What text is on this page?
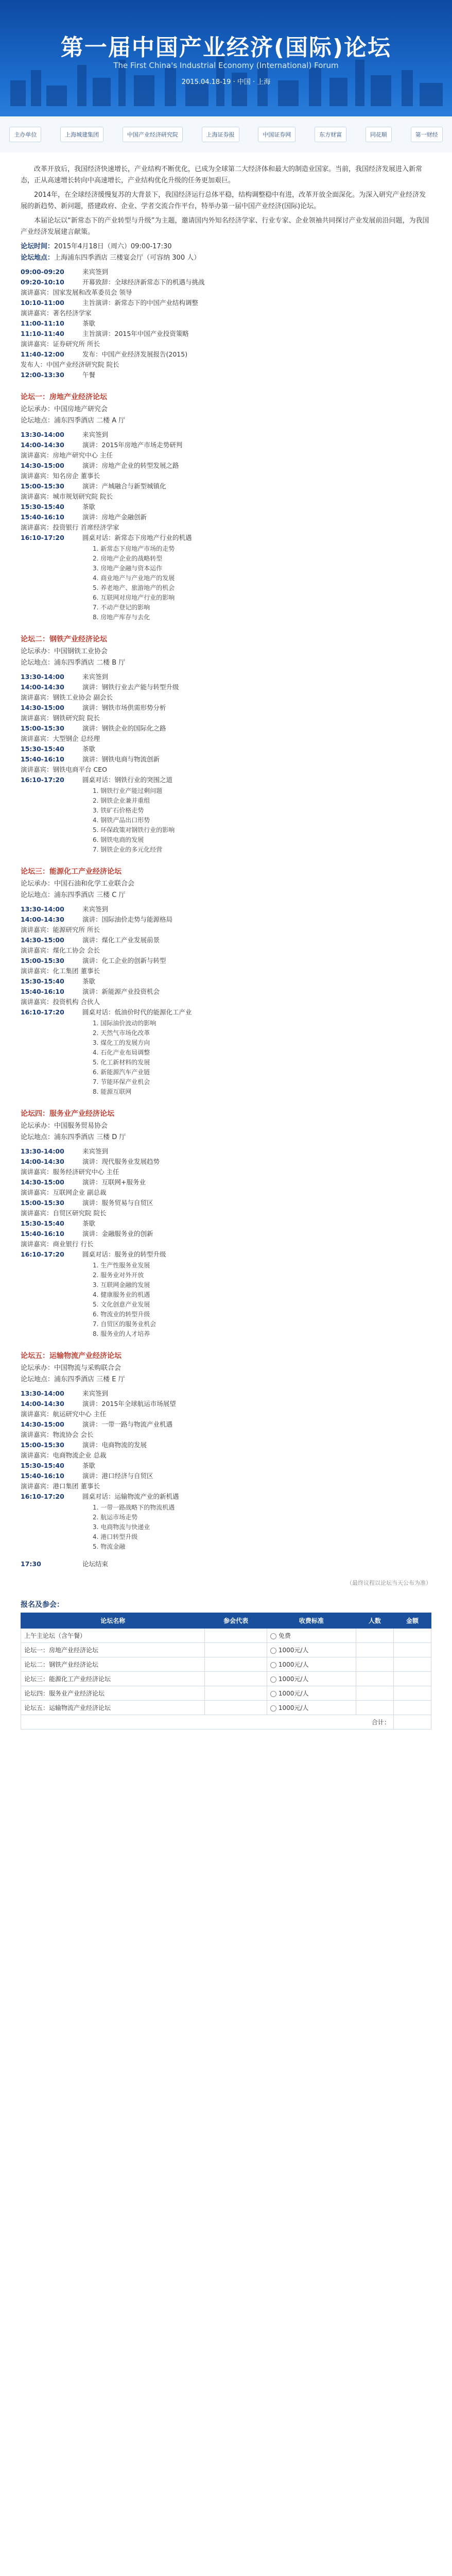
第一届中国产业经济(国际)论坛
The First China's Industrial Economy (International) Forum
2015.04.18-19 · 中国 · 上海
主办单位	上海城建集团	中国产业经济研究院	上海证券报	中国证券网	东方财富	同花顺	第一财经

改革开放后，我国经济快速增长，产业结构不断优化，已成为全球第二大经济体和最大的制造业国家。当前，我国经济发展进入新常态，正从高速增长转向中高速增长，产业结构优化升级的任务更加艰巨。

2014年，在全球经济缓慢复苏的大背景下，我国经济运行总体平稳，结构调整稳中有进，改革开放全面深化。为深入研究产业经济发展的新趋势、新问题，搭建政府、企业、学者交流合作平台，特举办第一届中国产业经济(国际)论坛。

本届论坛以“新常态下的产业转型与升级”为主题，邀请国内外知名经济学家、行业专家、企业领袖共同探讨产业发展前沿问题，为我国产业经济发展建言献策。

论坛时间：2015年4月18日（周六）09:00-17:30
论坛地点：上海浦东四季酒店 三楼宴会厅（可容纳 300 人）
09:00-09:20	来宾签到
09:20-10:10	开幕致辞：全球经济新常态下的机遇与挑战
演讲嘉宾：国家发展和改革委员会 领导
10:10-11:00	主旨演讲：新常态下的中国产业结构调整
演讲嘉宾：著名经济学家
11:00-11:10	茶歇
11:10-11:40	主旨演讲：2015年中国产业投资策略
演讲嘉宾：证券研究所 所长
11:40-12:00	发布：中国产业经济发展报告(2015)
发布人：中国产业经济研究院 院长
12:00-13:30	午餐
论坛一：房地产业经济论坛
论坛承办：中国房地产研究会
论坛地点：浦东四季酒店 二楼 A 厅
13:30-14:00	来宾签到
14:00-14:30	演讲：2015年房地产市场走势研判
演讲嘉宾：房地产研究中心 主任
14:30-15:00	演讲：房地产企业的转型发展之路
演讲嘉宾：知名房企 董事长
15:00-15:30	演讲：产城融合与新型城镇化
演讲嘉宾：城市规划研究院 院长
15:30-15:40	茶歇
15:40-16:10	演讲：房地产金融创新
演讲嘉宾：投资银行 首席经济学家
16:10-17:20	圆桌对话：新常态下房地产行业的机遇
1. 新常态下房地产市场的走势
2. 房地产企业的战略转型
3. 房地产金融与资本运作
4. 商业地产与产业地产的发展
5. 养老地产、旅游地产的机会
6. 互联网对房地产行业的影响
7. 不动产登记的影响
8. 房地产库存与去化
论坛二：钢铁产业经济论坛
论坛承办：中国钢铁工业协会
论坛地点：浦东四季酒店 二楼 B 厅
13:30-14:00	来宾签到
14:00-14:30	演讲：钢铁行业去产能与转型升级
演讲嘉宾：钢铁工业协会 副会长
14:30-15:00	演讲：钢铁市场供需形势分析
演讲嘉宾：钢铁研究院 院长
15:00-15:30	演讲：钢铁企业的国际化之路
演讲嘉宾：大型钢企 总经理
15:30-15:40	茶歇
15:40-16:10	演讲：钢铁电商与物流创新
演讲嘉宾：钢铁电商平台 CEO
16:10-17:20	圆桌对话：钢铁行业的突围之道
1. 钢铁行业产能过剩问题
2. 钢铁企业兼并重组
3. 铁矿石价格走势
4. 钢铁产品出口形势
5. 环保政策对钢铁行业的影响
6. 钢铁电商的发展
7. 钢铁企业的多元化经营
论坛三：能源化工产业经济论坛
论坛承办：中国石油和化学工业联合会
论坛地点：浦东四季酒店 三楼 C 厅
13:30-14:00	来宾签到
14:00-14:30	演讲：国际油价走势与能源格局
演讲嘉宾：能源研究所 所长
14:30-15:00	演讲：煤化工产业发展前景
演讲嘉宾：煤化工协会 会长
15:00-15:30	演讲：化工企业的创新与转型
演讲嘉宾：化工集团 董事长
15:30-15:40	茶歇
15:40-16:10	演讲：新能源产业投资机会
演讲嘉宾：投资机构 合伙人
16:10-17:20	圆桌对话：低油价时代的能源化工产业
1. 国际油价波动的影响
2. 天然气市场化改革
3. 煤化工的发展方向
4. 石化产业布局调整
5. 化工新材料的发展
6. 新能源汽车产业链
7. 节能环保产业机会
8. 能源互联网
论坛四：服务业产业经济论坛
论坛承办：中国服务贸易协会
论坛地点：浦东四季酒店 三楼 D 厅
13:30-14:00	来宾签到
14:00-14:30	演讲：现代服务业发展趋势
演讲嘉宾：服务经济研究中心 主任
14:30-15:00	演讲：互联网+服务业
演讲嘉宾：互联网企业 副总裁
15:00-15:30	演讲：服务贸易与自贸区
演讲嘉宾：自贸区研究院 院长
15:30-15:40	茶歇
15:40-16:10	演讲：金融服务业的创新
演讲嘉宾：商业银行 行长
16:10-17:20	圆桌对话：服务业的转型升级
1. 生产性服务业发展
2. 服务业对外开放
3. 互联网金融的发展
4. 健康服务业的机遇
5. 文化创意产业发展
6. 物流业的转型升级
7. 自贸区的服务业机会
8. 服务业的人才培养
论坛五：运输物流产业经济论坛
论坛承办：中国物流与采购联合会
论坛地点：浦东四季酒店 三楼 E 厅
13:30-14:00	来宾签到
14:00-14:30	演讲：2015年全球航运市场展望
演讲嘉宾：航运研究中心 主任
14:30-15:00	演讲：一带一路与物流产业机遇
演讲嘉宾：物流协会 会长
15:00-15:30	演讲：电商物流的发展
演讲嘉宾：电商物流企业 总裁
15:30-15:40	茶歇
15:40-16:10	演讲：港口经济与自贸区
演讲嘉宾：港口集团 董事长
16:10-17:20	圆桌对话：运输物流产业的新机遇
1. 一带一路战略下的物流机遇
2. 航运市场走势
3. 电商物流与快递业
4. 港口转型升级
5. 物流金融
17:30	论坛结束
（最终议程以论坛当天公布为准）
报名及参会：
论坛名称	参会代表	收费标准	人数	金额
上午主论坛（含午餐）		免费		
论坛一：房地产业经济论坛		1000元/人		
论坛二：钢铁产业经济论坛		1000元/人		
论坛三：能源化工产业经济论坛		1000元/人		
论坛四：服务业产业经济论坛		1000元/人		
论坛五：运输物流产业经济论坛		1000元/人		
合计：				
